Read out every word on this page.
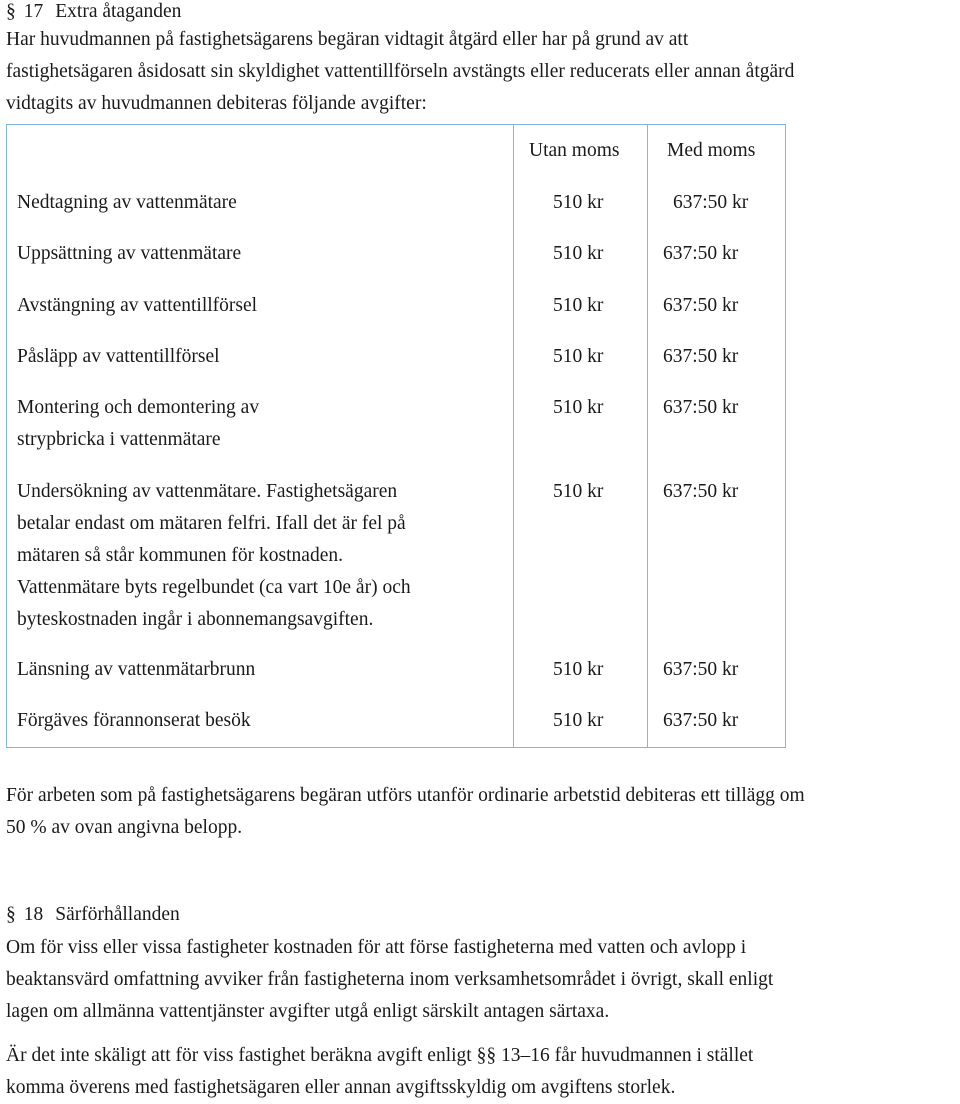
§ 17 Extra åtaganden
Har huvudmannen på fastighetsägarens begäran vidtagit åtgärd eller har på grund av att
fastighetsägaren åsidosatt sin skyldighet vattentillförseln avstängts eller reducerats eller annan åtgärd
vidtagits av huvudmannen debiteras följande avgifter:
Utan moms Med moms
Nedtagning av vattenmätare	510 kr	637:50 kr
Uppsättning av vattenmätare	510 kr	637:50 kr
Avstängning av vattentillförsel	510 kr	637:50 kr
Påsläpp av vattentillförsel	510 kr	637:50 kr
Montering och demontering av
strypbricka i vattenmätare
510 kr	637:50 kr
Undersökning av vattenmätare. Fastighetsägaren
betalar endast om mätaren felfri. Ifall det är fel på
mätaren så står kommunen för kostnaden.
Vattenmätare byts regelbundet (ca vart 10e år) och
byteskostnaden ingår i abonnemangsavgiften.
510 kr	637:50 kr
Länsning av vattenmätarbrunn	510 kr	637:50 kr
Förgäves förannonserat besök	510 kr	637:50 kr
För arbeten som på fastighetsägarens begäran utförs utanför ordinarie arbetstid debiteras ett tillägg om
50 % av ovan angivna belopp.
§ 18 Särförhållanden
Om för viss eller vissa fastigheter kostnaden för att förse fastigheterna med vatten och avlopp i
beaktansvärd omfattning avviker från fastigheterna inom verksamhetsområdet i övrigt, skall enligt
lagen om allmänna vattentjänster avgifter utgå enligt särskilt antagen särtaxa.
Är det inte skäligt att för viss fastighet beräkna avgift enligt §§ 13–16 får huvudmannen i stället
komma överens med fastighetsägaren eller annan avgiftsskyldig om avgiftens storlek.
